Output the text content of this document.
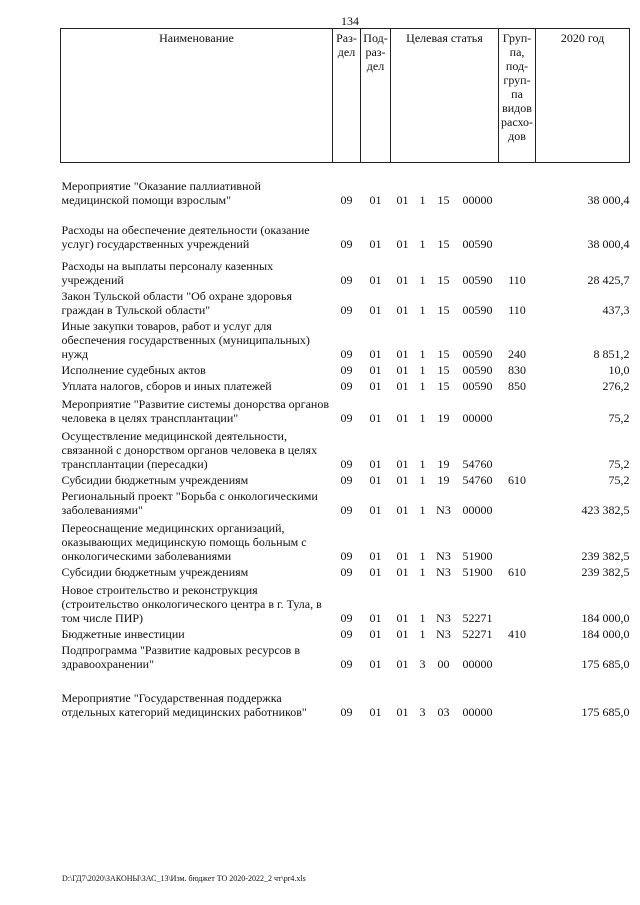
134
Наименование	Раз-дел	Под-раз-дел	Целевая статья				Груп-па, под-груп-па видов расхо-дов	2020 год
Мероприятие "Оказание паллиативной медицинской помощи взрослым"	09	01	01	1	15	00000		38 000,4
Расходы на обеспечение деятельности (оказание услуг) государственных учреждений	09	01	01	1	15	00590		38 000,4
Расходы на выплаты персоналу казенных учреждений	09	01	01	1	15	00590	110	28 425,7
Закон Тульской области "Об охране здоровья граждан в Тульской области"	09	01	01	1	15	00590	110	437,3
Иные закупки товаров, работ и услуг для обеспечения государственных (муниципальных) нужд	09	01	01	1	15	00590	240	8 851,2
Исполнение судебных актов	09	01	01	1	15	00590	830	10,0
Уплата налогов, сборов и иных платежей	09	01	01	1	15	00590	850	276,2
Мероприятие "Развитие системы донорства органов человека в целях трансплантации"	09	01	01	1	19	00000		75,2
Осуществление медицинской деятельности, связанной с донорством органов человека в целях трансплантации (пересадки)	09	01	01	1	19	54760		75,2
Субсидии бюджетным учреждениям	09	01	01	1	19	54760	610	75,2
Региональный проект "Борьба с онкологическими заболеваниями"	09	01	01	1	N3	00000		423 382,5
Переоснащение медицинских организаций, оказывающих медицинскую помощь больным с онкологическими заболеваниями	09	01	01	1	N3	51900		239 382,5
Субсидии бюджетным учреждениям	09	01	01	1	N3	51900	610	239 382,5
Новое строительство и реконструкция (строительство онкологического центра в г. Тула, в том числе ПИР)	09	01	01	1	N3	52271		184 000,0
Бюджетные инвестиции	09	01	01	1	N3	52271	410	184 000,0
Подпрограмма "Развитие кадровых ресурсов в здравоохранении"	09	01	01	3	00	00000		175 685,0
Мероприятие "Государственная поддержка отдельных категорий медицинских работников"	09	01	01	3	03	00000		175 685,0
D:\ГД7\2020\ЗАКОНЫ\ЗАС_13\Изм. бюджет ТО 2020-2022_2 чт\pr4.xls
